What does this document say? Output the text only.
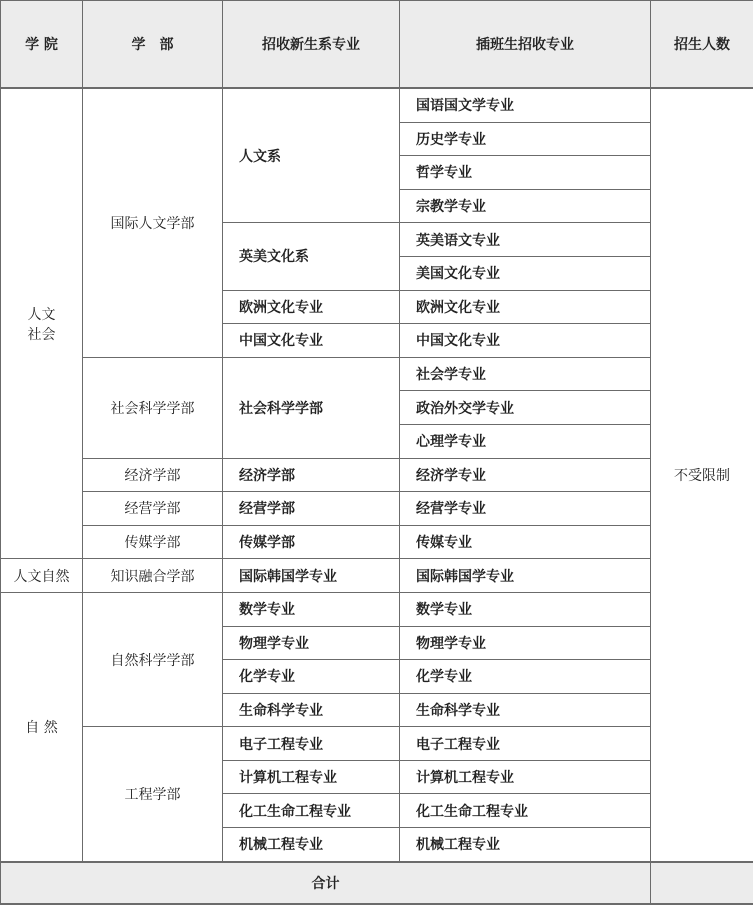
学 院	学　部	招收新生系专业	插班生招收专业	招生人数
人文
社会	国际人文学部	人文系	国语国文学专业	不受限制
			历史学专业	
			哲学专业	
			宗教学专业	
		英美文化系	英美语文专业	
			美国文化专业	
		欧洲文化专业	欧洲文化专业	
		中国文化专业	中国文化专业	
	社会科学学部	社会科学学部	社会学专业	
			政治外交学专业	
			心理学专业	
	经济学部	经济学部	经济学专业	
	经营学部	经营学部	经营学专业	
	传媒学部	传媒学部	传媒专业	
人文自然	知识融合学部	国际韩国学专业	国际韩国学专业	
自 然	自然科学学部	数学专业	数学专业	
		物理学专业	物理学专业	
		化学专业	化学专业	
		生命科学专业	生命科学专业	
	工程学部	电子工程专业	电子工程专业	
		计算机工程专业	计算机工程专业	
		化工生命工程专业	化工生命工程专业	
		机械工程专业	机械工程专业	
合计				
